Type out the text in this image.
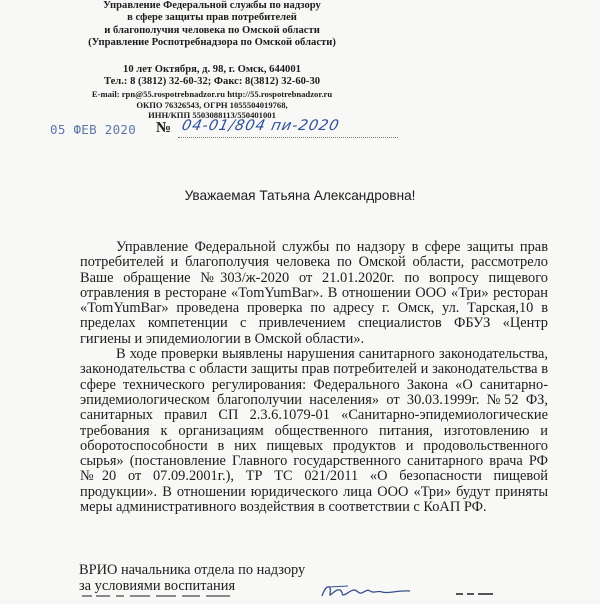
Управление Федеральной службы по надзору
в сфере защиты прав потребителей
и благополучия человека по Омской области
(Управление Роспотребнадзора по Омской области)
10 лет Октября, д. 98, г. Омск, 644001
Тел.: 8 (3812) 32-60-32; Факс: 8(3812) 32-60-30
E-mail: rpn@55.rospotrebnadzor.ru http://55.rospotrebnadzor.ru
ОКПО 76326543, ОГРН 1055504019768,
ИНН/КПП 5503088113/550401001
05 ФЕВ 2020 № 04-01/804 пи-2020
Уважаемая Татьяна Александровна!

Управление Федеральной службы по надзору в сфере защиты прав потребителей и благополучия человека по Омской области, рассмотрело Ваше обращение №303/ж-2020 от 21.01.2020г. по вопросу пищевого отравления в ресторане «TomYumBar». В отношении ООО «Три» ресторан «TomYumBar» проведена проверка по адресу г. Омск, ул. Тарская,10 в пределах компетенции с привлечением специалистов ФБУЗ «Центр гигиены и эпидемиологии в Омской области».

В ходе проверки выявлены нарушения санитарного законодательства, законодательства с области защиты прав потребителей и законодательства в сфере технического регулирования: Федерального Закона «О санитарно-эпидемиологическом благополучии населения» от 30.03.1999г. №52 ФЗ, санитарных правил СП 2.3.6.1079-01 «Санитарно-эпидемиологические требования к организациям общественного питания, изготовлению и оборотоспособности в них пищевых продуктов и продовольственного сырья» (постановление Главного государственного санитарного врача РФ №20 от 07.09.2001г.), ТР ТС 021/2011 «О безопасности пищевой продукции». В отношении юридического лица ООО «Три» будут приняты меры административного воздействия в соответствии с КоАП РФ.

ВРИО начальника отдела по надзору
за условиями воспитания
